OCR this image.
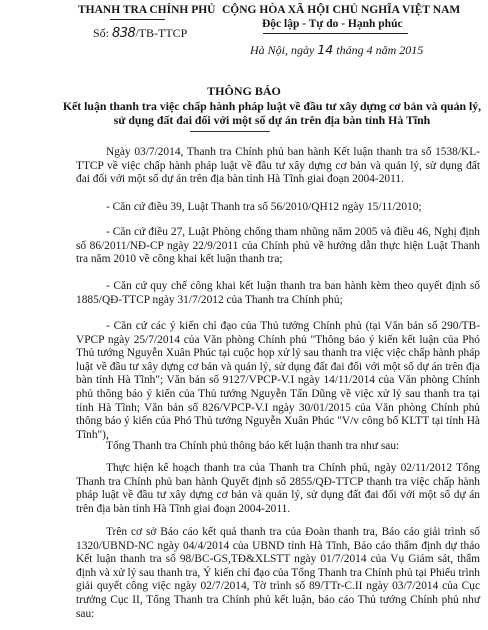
THANH TRA CHÍNH PHỦ
Số: 838/TB-TTCP
CỘNG HÒA XÃ HỘI CHỦ NGHĨA VIỆT NAM
Độc lập - Tự do - Hạnh phúc
Hà Nội, ngày 14 tháng 4 năm 2015
THÔNG BÁO
Kết luận thanh tra việc chấp hành pháp luật về đầu tư xây dựng cơ bản và quản lý, sử dụng đất đai đối với một số dự án trên địa bàn tỉnh Hà Tĩnh

Ngày 03/7/2014, Thanh tra Chính phủ ban hành Kết luận thanh tra số 1538/KL-TTCP về việc chấp hành pháp luật về đầu tư xây dựng cơ bản và quản lý, sử dụng đất đai đối với một số dự án trên địa bàn tỉnh Hà Tĩnh giai đoạn 2004-2011.

- Căn cứ điều 39, Luật Thanh tra số 56/2010/QH12 ngày 15/11/2010;

- Căn cứ điều 27, Luật Phòng chống tham nhũng năm 2005 và điều 46, Nghị định số 86/2011/NĐ-CP ngày 22/9/2011 của Chính phủ về hướng dẫn thực hiện Luật Thanh tra năm 2010 về công khai kết luận thanh tra;

- Căn cứ quy chế công khai kết luận thanh tra ban hành kèm theo quyết định số 1885/QĐ-TTCP ngày 31/7/2012 của Thanh tra Chính phủ;

- Căn cứ các ý kiến chỉ đạo của Thủ tướng Chính phủ (tại Văn bản số 290/TB-VPCP ngày 25/7/2014 của Văn phòng Chính phủ "Thông báo ý kiến kết luận của Phó Thủ tướng Nguyễn Xuân Phúc tại cuộc họp xử lý sau thanh tra việc việc chấp hành pháp luật về đầu tư xây dựng cơ bản và quản lý, sử dụng đất đai đối với một số dự án trên địa bàn tỉnh Hà Tĩnh"; Văn bản số 9127/VPCP-V.I ngày 14/11/2014 của Văn phòng Chính phủ thông báo ý kiến của Thủ tướng Nguyễn Tấn Dũng về việc xử lý sau thanh tra tại tỉnh Hà Tĩnh; Văn bản số 826/VPCP-V.I ngày 30/01/2015 của Văn phòng Chính phủ thông báo ý kiến của Phó Thủ tướng Nguyễn Xuân Phúc "V/v công bố KLTT tại tỉnh Hà Tĩnh"),

Tổng Thanh tra Chính phủ thông báo kết luận thanh tra như sau:

Thực hiện kế hoạch thanh tra của Thanh tra Chính phủ, ngày 02/11/2012 Tổng Thanh tra Chính phủ ban hành Quyết định số 2855/QĐ-TTCP thanh tra việc chấp hành pháp luật về đầu tư xây dựng cơ bản và quản lý, sử dụng đất đai đối với một số dự án trên địa bàn tỉnh Hà Tĩnh giai đoạn 2004-2011.

Trên cơ sở Báo cáo kết quả thanh tra của Đoàn thanh tra, Báo cáo giải trình số 1320/UBND-NC ngày 04/4/2014 của UBND tỉnh Hà Tĩnh, Báo cáo thẩm định dự thảo Kết luận thanh tra số 98/BC-GS,TĐ&XLSTT ngày 01/7/2014 của Vụ Giám sát, thẩm định và xử lý sau thanh tra, Ý kiến chỉ đạo của Tổng Thanh tra Chính phủ tại Phiếu trình giải quyết công việc ngày 02/7/2014, Tờ trình số 89/TTr-C.II ngày 03/7/2014 của Cục trưởng Cục II, Tổng Thanh tra Chính phủ kết luận, báo cáo Thủ tướng Chính phủ như sau:
